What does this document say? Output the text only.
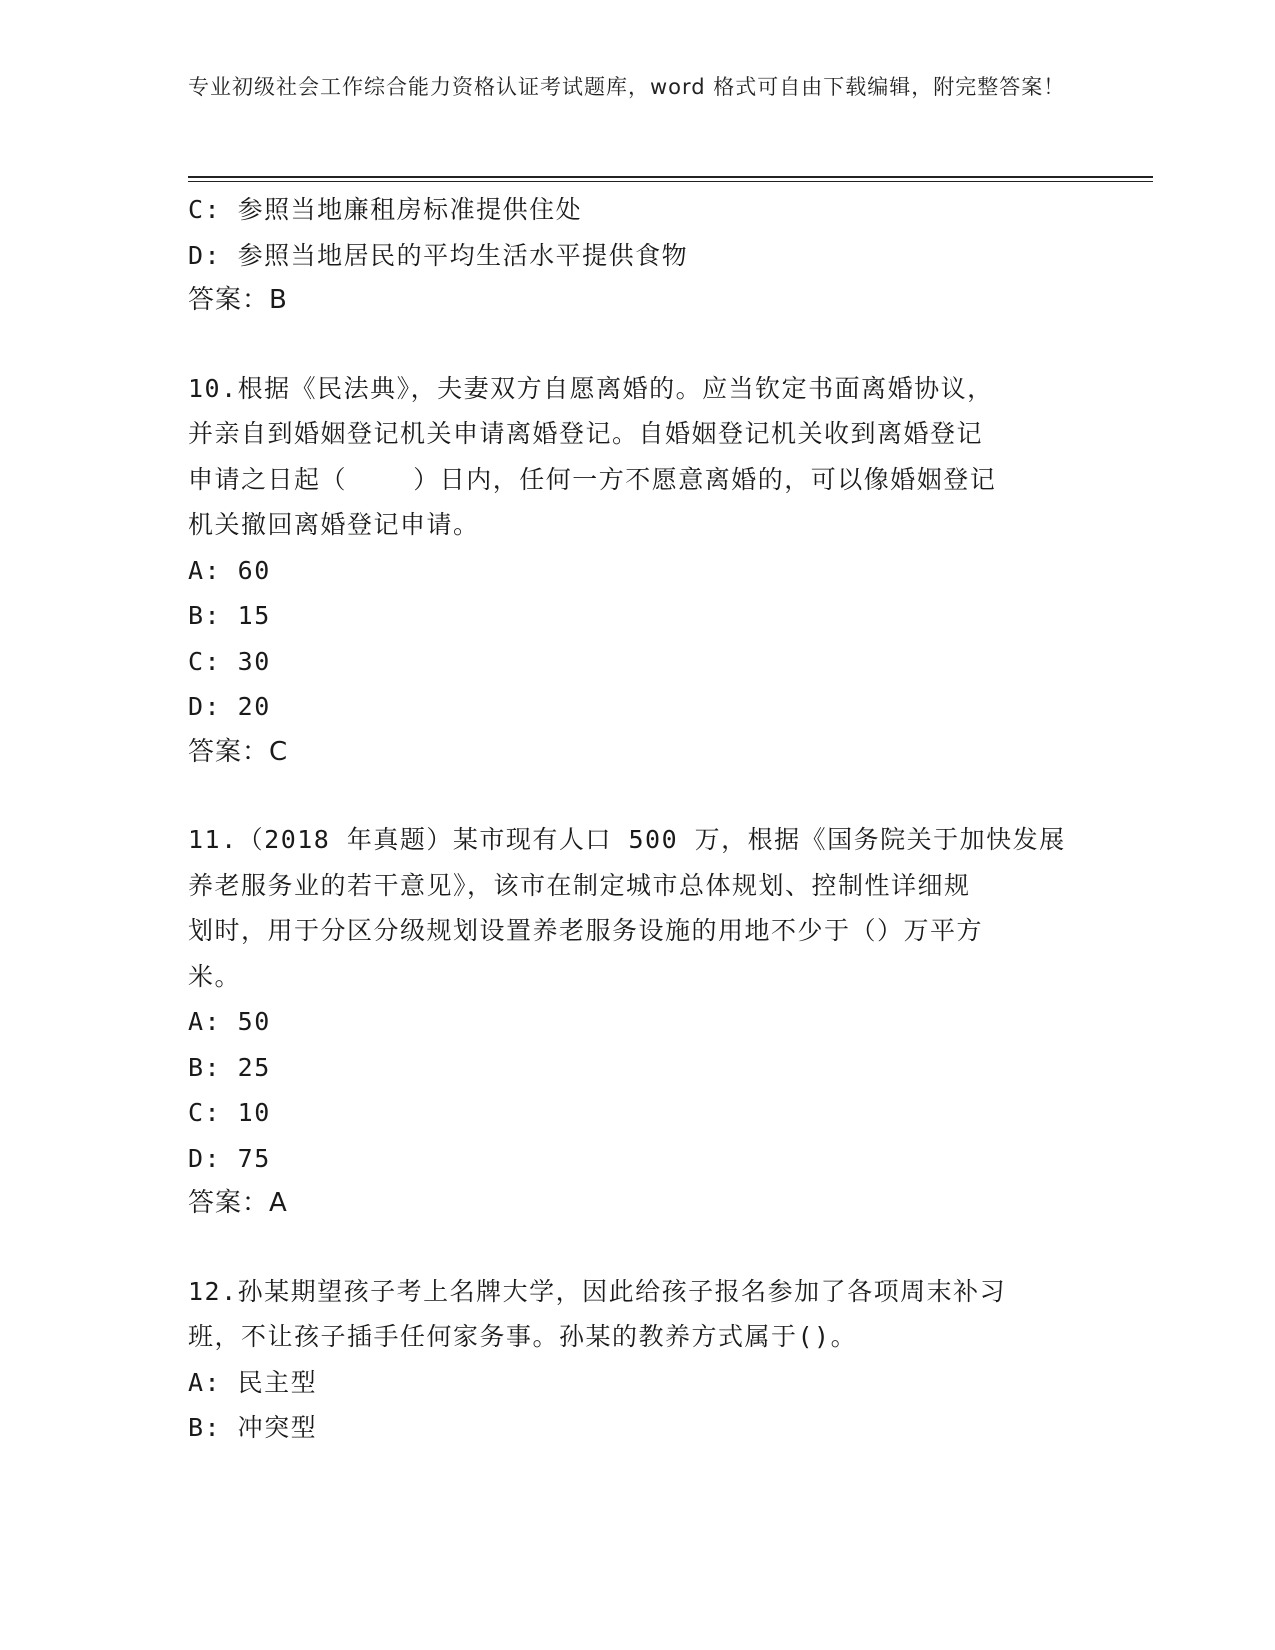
专业初级社会工作综合能力资格认证考试题库，word 格式可自由下载编辑，附完整答案！
C: 参照当地廉租房标准提供住处
D: 参照当地居民的平均生活水平提供食物
答案：B
10.根据《民法典》，夫妻双方自愿离婚的。应当钦定书面离婚协议，
并亲自到婚姻登记机关申请离婚登记。自婚姻登记机关收到离婚登记
申请之日起（    ）日内，任何一方不愿意离婚的，可以像婚姻登记
机关撤回离婚登记申请。
A: 60
B: 15
C: 30
D: 20
答案：C
11.（2018 年真题）某市现有人口 500 万，根据《国务院关于加快发展
养老服务业的若干意见》，该市在制定城市总体规划、控制性详细规
划时，用于分区分级规划设置养老服务设施的用地不少于（）万平方
米。
A: 50
B: 25
C: 10
D: 75
答案：A
12.孙某期望孩子考上名牌大学，因此给孩子报名参加了各项周末补习
班，不让孩子插手任何家务事。孙某的教养方式属于()。
A: 民主型
B: 冲突型
